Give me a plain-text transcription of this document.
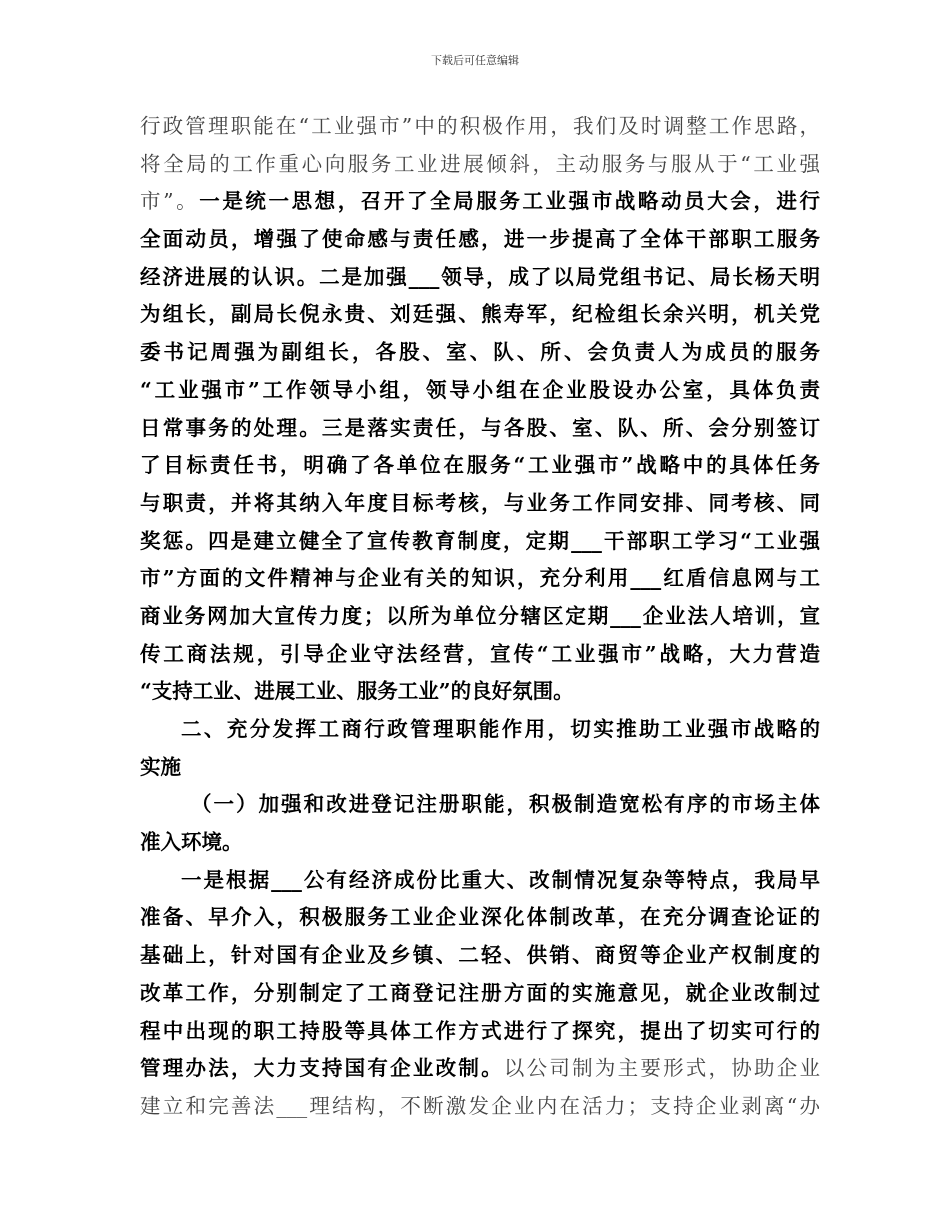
下载后可任意编辑
行政管理职能在“工业强市”中的积极作用，我们及时调整工作思路，
将全局的工作重心向服务工业进展倾斜，主动服务与服从于“工业强
市”。一是统一思想，召开了全局服务工业强市战略动员大会，进行
全面动员，增强了使命感与责任感，进一步提高了全体干部职工服务
经济进展的认识。二是加强___领导，成了以局党组书记、局长杨天明
为组长，副局长倪永贵、刘廷强、熊寿军，纪检组长余兴明，机关党
委书记周强为副组长，各股、室、队、所、会负责人为成员的服务
“工业强市”工作领导小组，领导小组在企业股设办公室，具体负责
日常事务的处理。三是落实责任，与各股、室、队、所、会分别签订
了目标责任书，明确了各单位在服务“工业强市”战略中的具体任务
与职责，并将其纳入年度目标考核，与业务工作同安排、同考核、同
奖惩。四是建立健全了宣传教育制度，定期___干部职工学习“工业强
市”方面的文件精神与企业有关的知识，充分利用___红盾信息网与工
商业务网加大宣传力度；以所为单位分辖区定期___企业法人培训，宣
传工商法规，引导企业守法经营，宣传“工业强市”战略，大力营造
“支持工业、进展工业、服务工业”的良好氛围。
二、充分发挥工商行政管理职能作用，切实推助工业强市战略的
实施
（一）加强和改进登记注册职能，积极制造宽松有序的市场主体
准入环境。
一是根据___公有经济成份比重大、改制情况复杂等特点，我局早
准备、早介入，积极服务工业企业深化体制改革，在充分调查论证的
基础上，针对国有企业及乡镇、二轻、供销、商贸等企业产权制度的
改革工作，分别制定了工商登记注册方面的实施意见，就企业改制过
程中出现的职工持股等具体工作方式进行了探究，提出了切实可行的
管理办法，大力支持国有企业改制。以公司制为主要形式，协助企业
建立和完善法___理结构，不断激发企业内在活力；支持企业剥离“办
